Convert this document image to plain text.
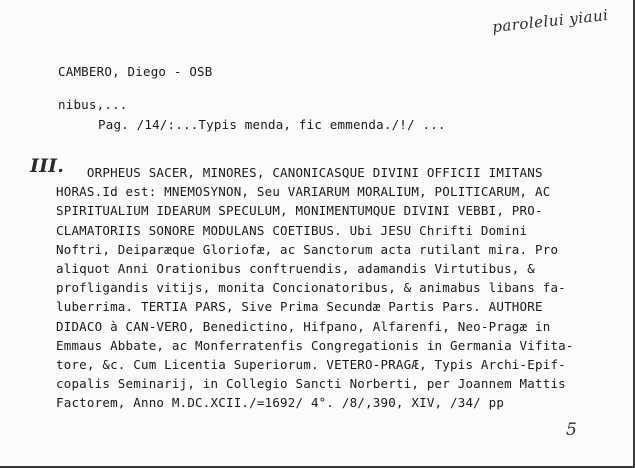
parolelui yiaui
CAMBERO, Diego - OSB
nibus,...
Pag. /14/:...Typis menda, fic emmenda./!/ ...
III.
ORPHEUS SACER, MINORES, CANONICASQUE DIVINI OFFICII IMITANS
HORAS.Id est: MNEMOSYNON, Seu VARIARUM MORALIUM, POLITICARUM, AC
SPIRITUALIUM IDEARUM SPECULUM, MONIMENTUMQUE DIVINI VEBBI, PRO-
CLAMATORIIS SONORE MODULANS COETIBUS. Ubi JESU Chrifti Domini
Noftri, Deiparæque Gloriofæ, ac Sanctorum acta rutilant mira. Pro
aliquot Anni Orationibus conftruendis, adamandis Virtutibus, &
profligandis vitijs, monita Concionatoribus, & animabus libans fa-
luberrima. TERTIA PARS, Sive Prima Secundæ Partis Pars. AUTHORE
DIDACO à CAN-VERO, Benedictino, Hifpano, Alfarenfi, Neo-Pragæ in
Emmaus Abbate, ac Monferratenfis Congregationis in Germania Vifita-
tore, &c. Cum Licentia Superiorum. VETERO-PRAGÆ, Typis Archi-Epif-
copalis Seminarij, in Collegio Sancti Norberti, per Joannem Mattis
Factorem, Anno M.DC.XCII./=1692/ 4°. /8/,390, XIV, /34/ pp
5
